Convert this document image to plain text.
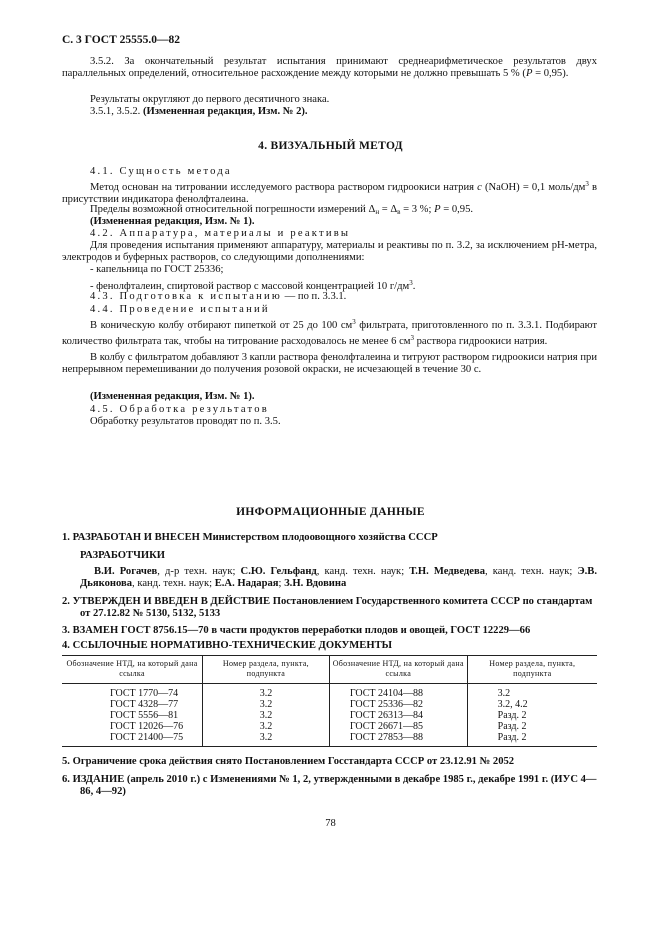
С. 3 ГОСТ 25555.0—82
3.5.2. За окончательный результат испытания принимают среднеарифметическое результатов двух параллельных определений, относительное расхождение между которыми не должно превышать 5 % (P = 0,95).
Результаты округляют до первого десятичного знака.
3.5.1, 3.5.2. (Измененная редакция, Изм. № 2).
4. ВИЗУАЛЬНЫЙ МЕТОД
4.1. Сущность метода
Метод основан на титровании исследуемого раствора раствором гидроокиси натрия c (NaOH) = 0,1 моль/$дм^3$ в присутствии индикатора фенолфталеина.
Пределы возможной относительной погрешности измерений $\Delta_н = \Delta_в = 3$ %; P = 0,95.
(Измененная редакция, Изм. № 1).
4.2. Аппаратура, материалы и реактивы
Для проведения испытания применяют аппаратуру, материалы и реактивы по п. 3.2, за исключением pH-метра, электродов и буферных растворов, со следующими дополнениями:
- капельница по ГОСТ 25336;
- фенолфталеин, спиртовой раствор с массовой концентрацией 10 $г/дм^3$.
4.3. Подготовка к испытанию — по п. 3.3.1.
4.4. Проведение испытаний
В коническую колбу отбирают пипеткой от 25 до 100 $см^3$ фильтрата, приготовленного по п. 3.3.1. Подбирают количество фильтрата так, чтобы на титрование расходовалось не менее 6 $см^3$ раствора гидроокиси натрия.
В колбу с фильтратом добавляют 3 капли раствора фенолфталеина и титруют раствором гидроокиси натрия при непрерывном перемешивании до получения розовой окраски, не исчезающей в течение 30 с.
(Измененная редакция, Изм. № 1).
4.5. Обработка результатов
Обработку результатов проводят по п. 3.5.
ИНФОРМАЦИОННЫЕ ДАННЫЕ
1. РАЗРАБОТАН И ВНЕСЕН Министерством плодоовощного хозяйства СССР
РАЗРАБОТЧИКИ
В.И. Рогачев, д-р техн. наук; С.Ю. Гельфанд, канд. техн. наук; Т.Н. Медведева, канд. техн. наук; Э.В. Дьяконова, канд. техн. наук; Е.А. Надарая; З.Н. Вдовина
2. УТВЕРЖДЕН И ВВЕДЕН В ДЕЙСТВИЕ Постановлением Государственного комитета СССР по стандартам от 27.12.82 № 5130, 5132, 5133
3. ВЗАМЕН ГОСТ 8756.15—70 в части продуктов переработки плодов и овощей, ГОСТ 12229—66
4. ССЫЛОЧНЫЕ НОРМАТИВНО-ТЕХНИЧЕСКИЕ ДОКУМЕНТЫ
Обозначение НТД, на который дана ссылка	Номер раздела, пункта, подпункта	Обозначение НТД, на который дана ссылка	Номер раздела, пункта, подпункта
ГОСТ 1770—74	3.2	ГОСТ 24104—88	3.2
ГОСТ 4328—77	3.2	ГОСТ 25336—82	3.2, 4.2
ГОСТ 5556—81	3.2	ГОСТ 26313—84	Разд. 2
ГОСТ 12026—76	3.2	ГОСТ 26671—85	Разд. 2
ГОСТ 21400—75	3.2	ГОСТ 27853—88	Разд. 2
5. Ограничение срока действия снято Постановлением Госстандарта СССР от 23.12.91 № 2052
6. ИЗДАНИЕ (апрель 2010 г.) с Изменениями № 1, 2, утвержденными в декабре 1985 г., декабре 1991 г. (ИУС 4—86, 4—92)
78
